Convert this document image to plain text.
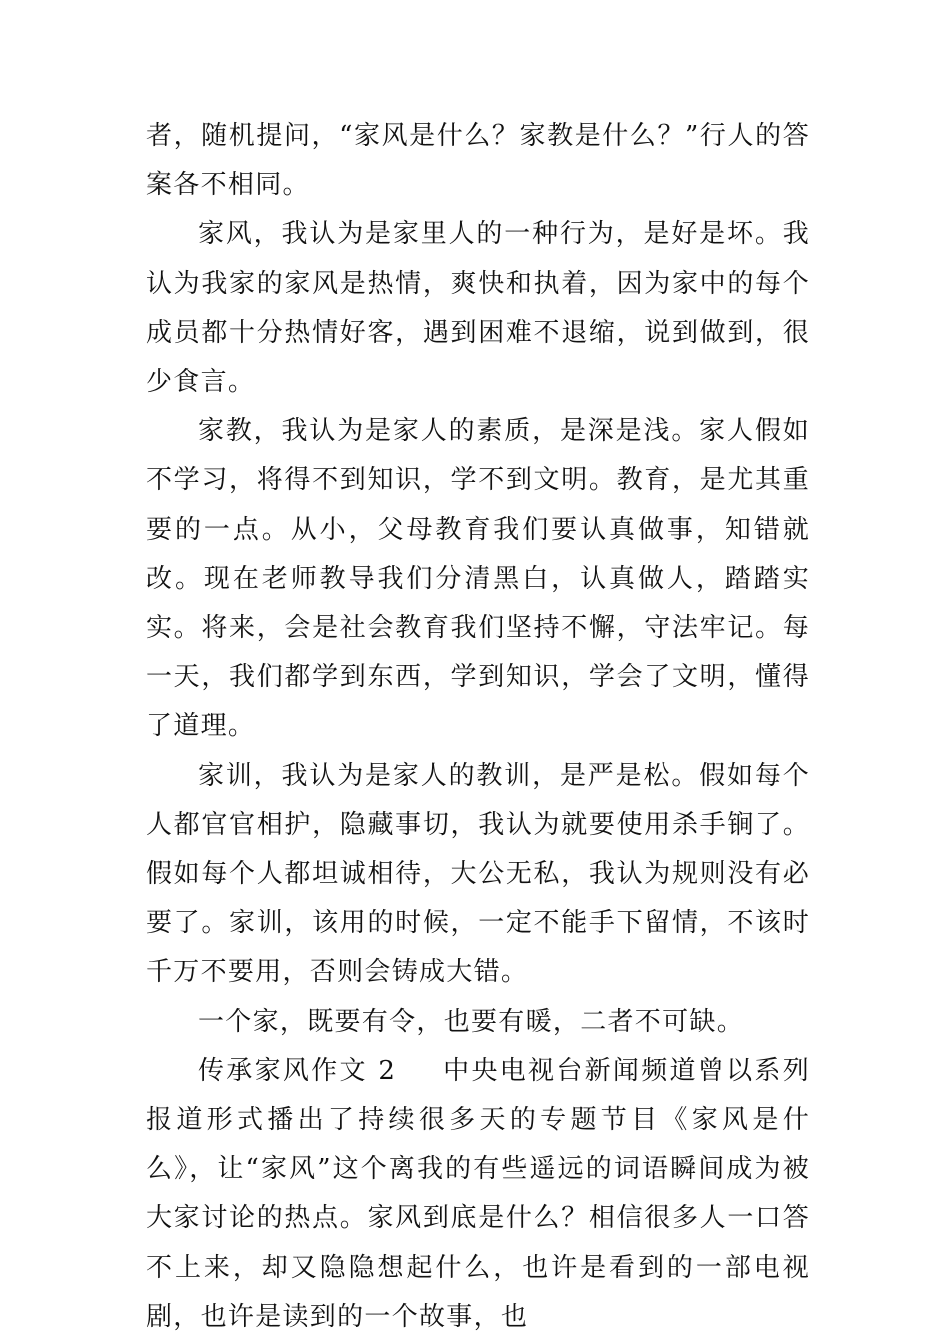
者，随机提问，“家风是什么？家教是什么？”行人的答案各不相同。

家风，我认为是家里人的一种行为，是好是坏。我认为我家的家风是热情，爽快和执着，因为家中的每个成员都十分热情好客，遇到困难不退缩，说到做到，很少食言。

家教，我认为是家人的素质，是深是浅。家人假如不学习，将得不到知识，学不到文明。教育，是尤其重要的一点。从小，父母教育我们要认真做事，知错就改。现在老师教导我们分清黑白，认真做人，踏踏实实。将来，会是社会教育我们坚持不懈，守法牢记。每一天，我们都学到东西，学到知识，学会了文明，懂得了道理。

家训，我认为是家人的教训，是严是松。假如每个人都官官相护，隐藏事切，我认为就要使用杀手锏了。假如每个人都坦诚相待，大公无私，我认为规则没有必要了。家训，该用的时候，一定不能手下留情，不该时千万不要用，否则会铸成大错。

一个家，既要有令，也要有暖，二者不可缺。

传承家风作文 2 中央电视台新闻频道曾以系列报道形式播出了持续很多天的专题节目《家风是什么》，让“家风”这个离我的有些遥远的词语瞬间成为被大家讨论的热点。家风到底是什么？相信很多人一口答不上来，却又隐隐想起什么，也许是看到的一部电视剧，也许是读到的一个故事，也
